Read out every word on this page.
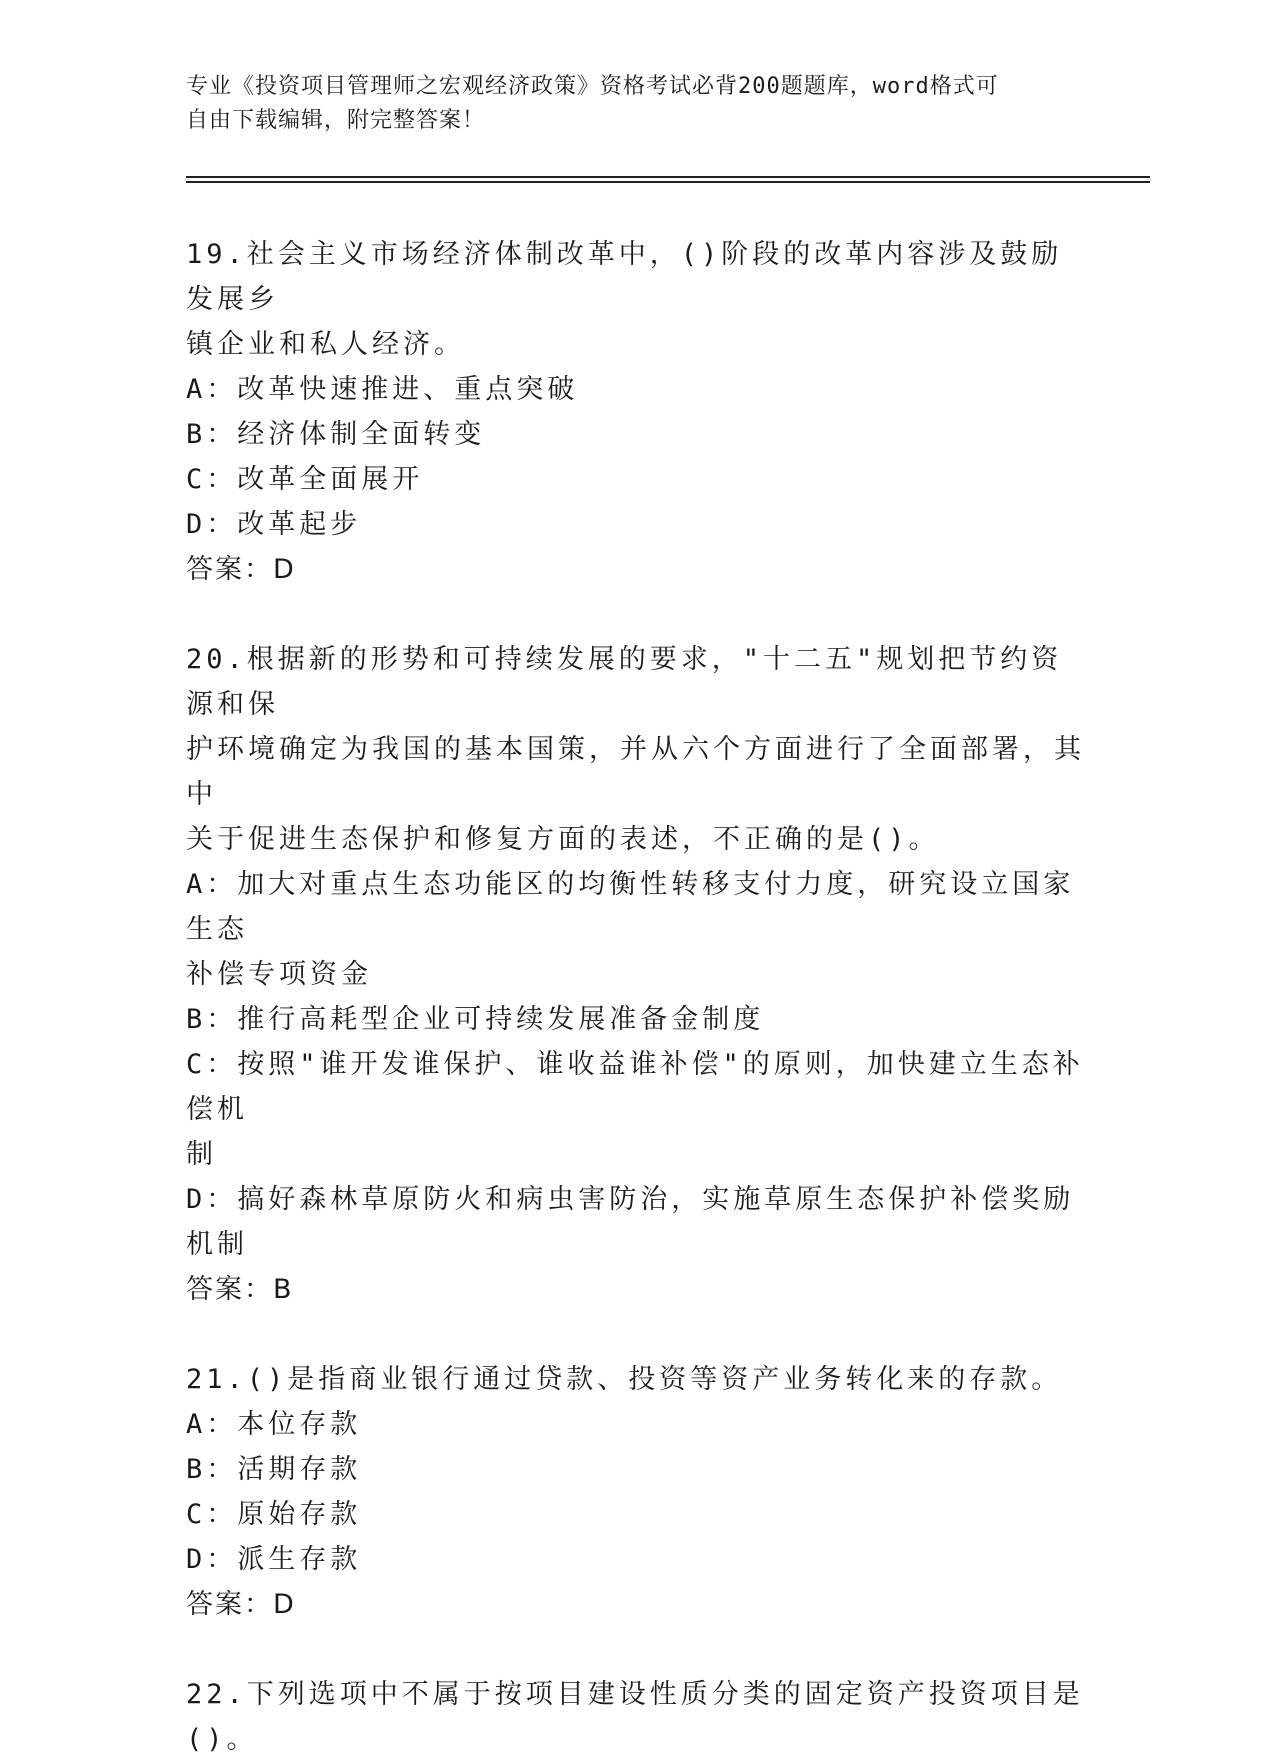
专业《投资项目管理师之宏观经济政策》资格考试必背200题题库，word格式可
自由下载编辑，附完整答案！
19.社会主义市场经济体制改革中，()阶段的改革内容涉及鼓励发展乡
镇企业和私人经济。
A：改革快速推进、重点突破
B：经济体制全面转变
C：改革全面展开
D：改革起步
答案：D
20.根据新的形势和可持续发展的要求，"十二五"规划把节约资源和保
护环境确定为我国的基本国策，并从六个方面进行了全面部署，其中
关于促进生态保护和修复方面的表述，不正确的是()。
A：加大对重点生态功能区的均衡性转移支付力度，研究设立国家生态
补偿专项资金
B：推行高耗型企业可持续发展准备金制度
C：按照"谁开发谁保护、谁收益谁补偿"的原则，加快建立生态补偿机
制
D：搞好森林草原防火和病虫害防治，实施草原生态保护补偿奖励机制
答案：B
21.()是指商业银行通过贷款、投资等资产业务转化来的存款。
A：本位存款
B：活期存款
C：原始存款
D：派生存款
答案：D
22.下列选项中不属于按项目建设性质分类的固定资产投资项目是()。
